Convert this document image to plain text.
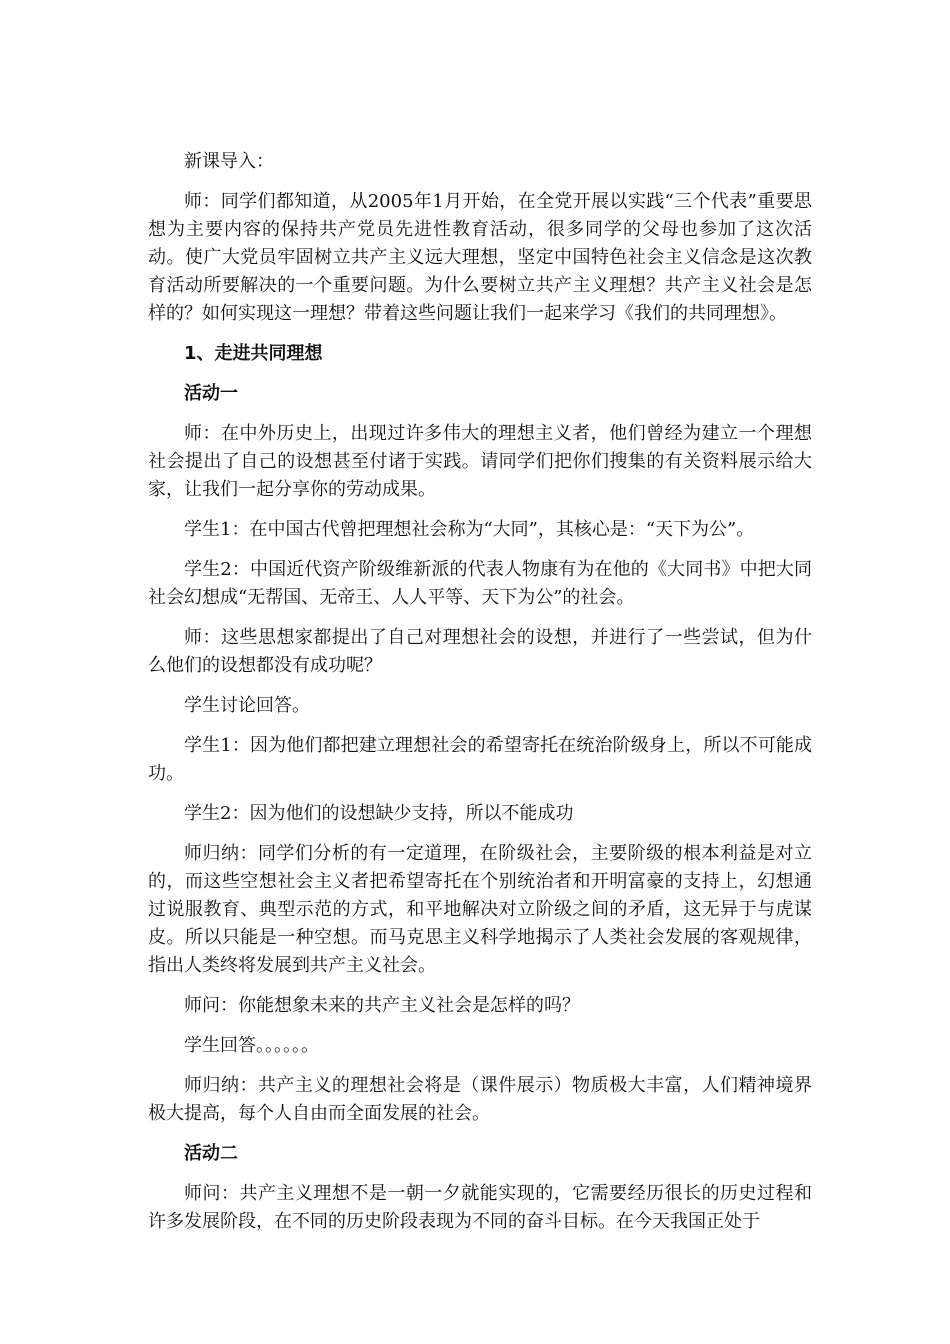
新课导入：

师：同学们都知道，从2005年1月开始，在全党开展以实践“三个代表”重要思想为主要内容的保持共产党员先进性教育活动，很多同学的父母也参加了这次活动。使广大党员牢固树立共产主义远大理想，坚定中国特色社会主义信念是这次教育活动所要解决的一个重要问题。为什么要树立共产主义理想？共产主义社会是怎样的？如何实现这一理想？带着这些问题让我们一起来学习《我们的共同理想》。

1、走进共同理想

活动一

师：在中外历史上，出现过许多伟大的理想主义者，他们曾经为建立一个理想社会提出了自己的设想甚至付诸于实践。请同学们把你们搜集的有关资料展示给大家，让我们一起分享你的劳动成果。

学生1：在中国古代曾把理想社会称为“大同”，其核心是：“天下为公”。

学生2：中国近代资产阶级维新派的代表人物康有为在他的《大同书》中把大同社会幻想成“无帮国、无帝王、人人平等、天下为公”的社会。

师：这些思想家都提出了自己对理想社会的设想，并进行了一些尝试，但为什么他们的设想都没有成功呢？

学生讨论回答。

学生1：因为他们都把建立理想社会的希望寄托在统治阶级身上，所以不可能成功。

学生2：因为他们的设想缺少支持，所以不能成功

师归纳：同学们分析的有一定道理，在阶级社会，主要阶级的根本利益是对立的，而这些空想社会主义者把希望寄托在个别统治者和开明富豪的支持上，幻想通过说服教育、典型示范的方式，和平地解决对立阶级之间的矛盾，这无异于与虎谋皮。所以只能是一种空想。而马克思主义科学地揭示了人类社会发展的客观规律，指出人类终将发展到共产主义社会。

师问：你能想象未来的共产主义社会是怎样的吗？

学生回答。。。。。。

师归纳：共产主义的理想社会将是（课件展示）物质极大丰富，人们精神境界极大提高，每个人自由而全面发展的社会。

活动二

师问：共产主义理想不是一朝一夕就能实现的，它需要经历很长的历史过程和许多发展阶段，在不同的历史阶段表现为不同的奋斗目标。在今天我国正处于
